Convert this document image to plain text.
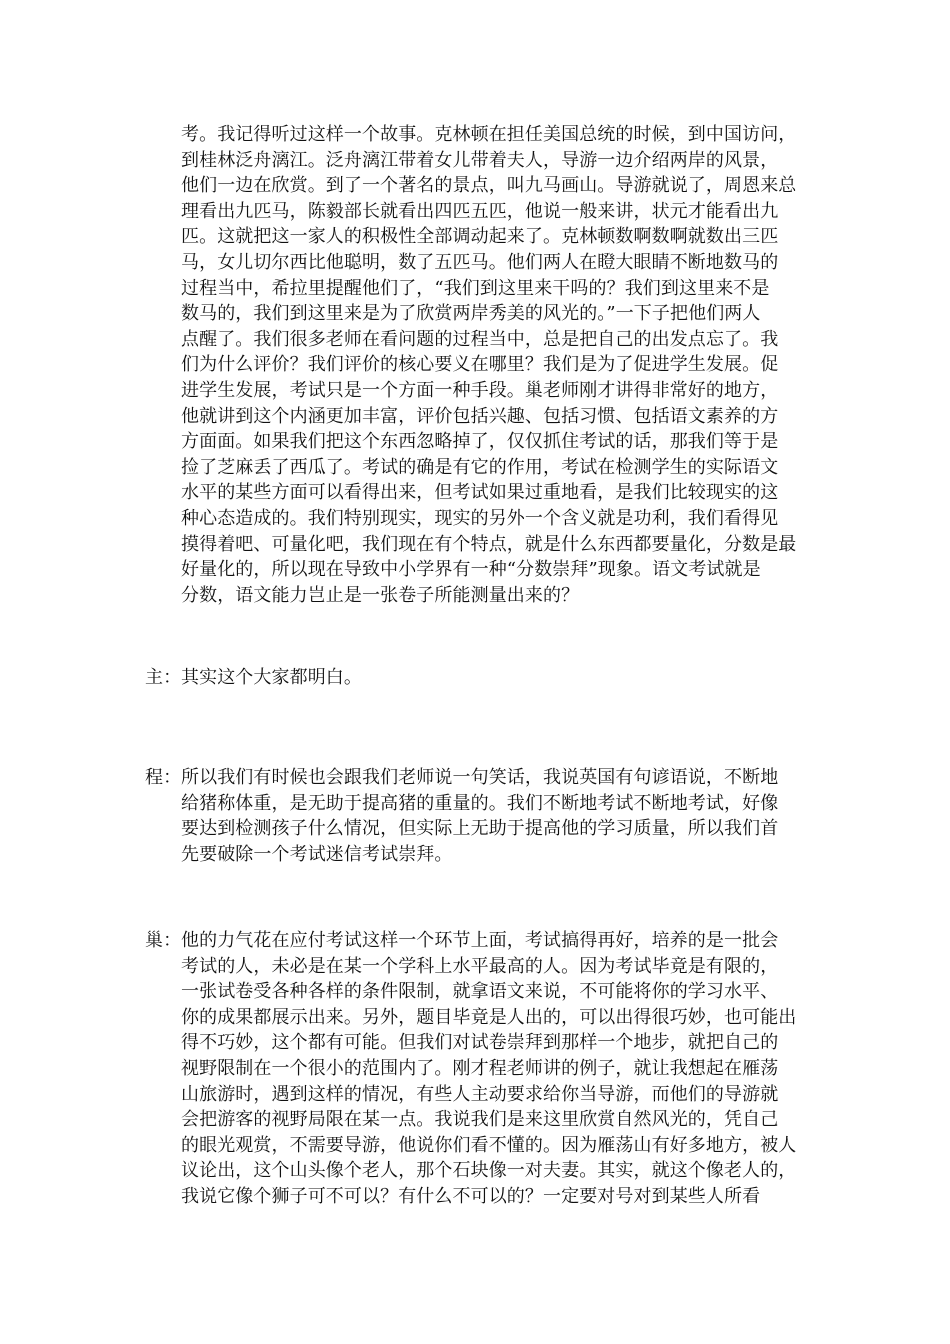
考。我记得听过这样一个故事。克林顿在担任美国总统的时候，到中国访问，
到桂林泛舟漓江。泛舟漓江带着女儿带着夫人，导游一边介绍两岸的风景，
他们一边在欣赏。到了一个著名的景点，叫九马画山。导游就说了，周恩来总
理看出九匹马，陈毅部长就看出四匹五匹，他说一般来讲，状元才能看出九
匹。这就把这一家人的积极性全部调动起来了。克林顿数啊数啊就数出三匹
马，女儿切尔西比他聪明，数了五匹马。他们两人在瞪大眼睛不断地数马的
过程当中，希拉里提醒他们了，“我们到这里来干吗的？我们到这里来不是
数马的，我们到这里来是为了欣赏两岸秀美的风光的。”一下子把他们两人
点醒了。我们很多老师在看问题的过程当中，总是把自己的出发点忘了。我
们为什么评价？我们评价的核心要义在哪里？我们是为了促进学生发展。促
进学生发展，考试只是一个方面一种手段。巢老师刚才讲得非常好的地方，
他就讲到这个内涵更加丰富，评价包括兴趣、包括习惯、包括语文素养的方
方面面。如果我们把这个东西忽略掉了，仅仅抓住考试的话，那我们等于是
捡了芝麻丢了西瓜了。考试的确是有它的作用，考试在检测学生的实际语文
水平的某些方面可以看得出来，但考试如果过重地看，是我们比较现实的这
种心态造成的。我们特别现实，现实的另外一个含义就是功利，我们看得见
摸得着吧、可量化吧，我们现在有个特点，就是什么东西都要量化，分数是最
好量化的，所以现在导致中小学界有一种“分数崇拜”现象。语文考试就是
分数，语文能力岂止是一张卷子所能测量出来的？
主： 其实这个大家都明白。
程： 所以我们有时候也会跟我们老师说一句笑话，我说英国有句谚语说，不断地
给猪称体重，是无助于提高猪的重量的。我们不断地考试不断地考试，好像
要达到检测孩子什么情况，但实际上无助于提高他的学习质量，所以我们首
先要破除一个考试迷信考试崇拜。
巢： 他的力气花在应付考试这样一个环节上面，考试搞得再好，培养的是一批会
考试的人，未必是在某一个学科上水平最高的人。因为考试毕竟是有限的，
一张试卷受各种各样的条件限制，就拿语文来说，不可能将你的学习水平、
你的成果都展示出来。另外，题目毕竟是人出的，可以出得很巧妙，也可能出
得不巧妙，这个都有可能。但我们对试卷崇拜到那样一个地步，就把自己的
视野限制在一个很小的范围内了。刚才程老师讲的例子，就让我想起在雁荡
山旅游时，遇到这样的情况，有些人主动要求给你当导游，而他们的导游就
会把游客的视野局限在某一点。我说我们是来这里欣赏自然风光的，凭自己
的眼光观赏，不需要导游，他说你们看不懂的。因为雁荡山有好多地方，被人
议论出，这个山头像个老人，那个石块像一对夫妻。其实，就这个像老人的，
我说它像个狮子可不可以？有什么不可以的？一定要对号对到某些人所看
